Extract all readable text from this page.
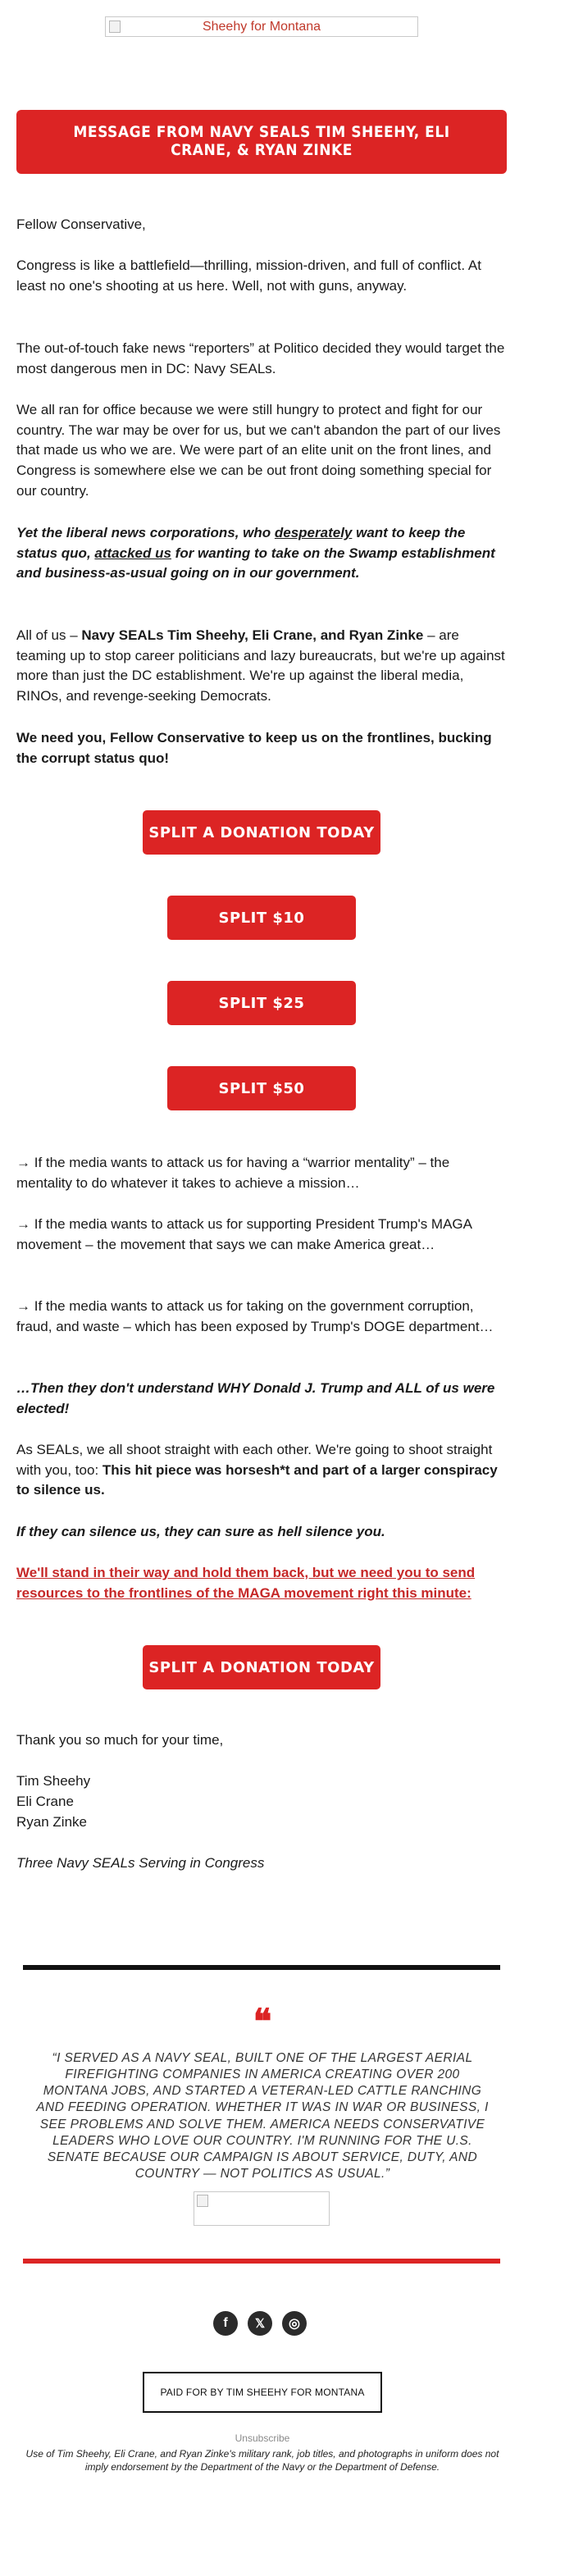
Sheehy for Montana
MESSAGE FROM NAVY SEALS TIM SHEEHY, ELI CRANE, & RYAN ZINKE
Fellow Conservative,
Congress is like a battlefield—thrilling, mission-driven, and full of conflict. At least no one's shooting at us here. Well, not with guns, anyway.
The out-of-touch fake news “reporters” at Politico decided they would target the most dangerous men in DC: Navy SEALs.
We all ran for office because we were still hungry to protect and fight for our country. The war may be over for us, but we can't abandon the part of our lives that made us who we are. We were part of an elite unit on the front lines, and Congress is somewhere else we can be out front doing something special for our country.
Yet the liberal news corporations, who desperately want to keep the status quo, attacked us for wanting to take on the Swamp establishment and business-as-usual going on in our government.
All of us – Navy SEALs Tim Sheehy, Eli Crane, and Ryan Zinke – are teaming up to stop career politicians and lazy bureaucrats, but we're up against more than just the DC establishment. We're up against the liberal media, RINOs, and revenge-seeking Democrats.
We need you, Fellow Conservative to keep us on the frontlines, bucking the corrupt status quo!
SPLIT A DONATION TODAY
SPLIT $10
SPLIT $25
SPLIT $50
→ If the media wants to attack us for having a “warrior mentality” – the mentality to do whatever it takes to achieve a mission…
→ If the media wants to attack us for supporting President Trump's MAGA movement – the movement that says we can make America great…
→ If the media wants to attack us for taking on the government corruption, fraud, and waste – which has been exposed by Trump's DOGE department…
…Then they don't understand WHY Donald J. Trump and ALL of us were elected!
As SEALs, we all shoot straight with each other. We're going to shoot straight with you, too: This hit piece was horsesh*t and part of a larger conspiracy to silence us.
If they can silence us, they can sure as hell silence you.
We'll stand in their way and hold them back, but we need you to send resources to the frontlines of the MAGA movement right this minute:
SPLIT A DONATION TODAY
Thank you so much for your time,
Tim Sheehy
Eli Crane
Ryan Zinke
Three Navy SEALs Serving in Congress
❝
“I SERVED AS A NAVY SEAL, BUILT ONE OF THE LARGEST AERIAL FIREFIGHTING COMPANIES IN AMERICA CREATING OVER 200 MONTANA JOBS, AND STARTED A VETERAN-LED CATTLE RANCHING AND FEEDING OPERATION. WHETHER IT WAS IN WAR OR BUSINESS, I SEE PROBLEMS AND SOLVE THEM. AMERICA NEEDS CONSERVATIVE LEADERS WHO LOVE OUR COUNTRY. I'M RUNNING FOR THE U.S. SENATE BECAUSE OUR CAMPAIGN IS ABOUT SERVICE, DUTY, AND COUNTRY — NOT POLITICS AS USUAL.”
f	𝕏	◎
PAID FOR BY TIM SHEEHY FOR MONTANA
Unsubscribe
Use of Tim Sheehy, Eli Crane, and Ryan Zinke's military rank, job titles, and photographs in uniform does not imply endorsement by the Department of the Navy or the Department of Defense.
